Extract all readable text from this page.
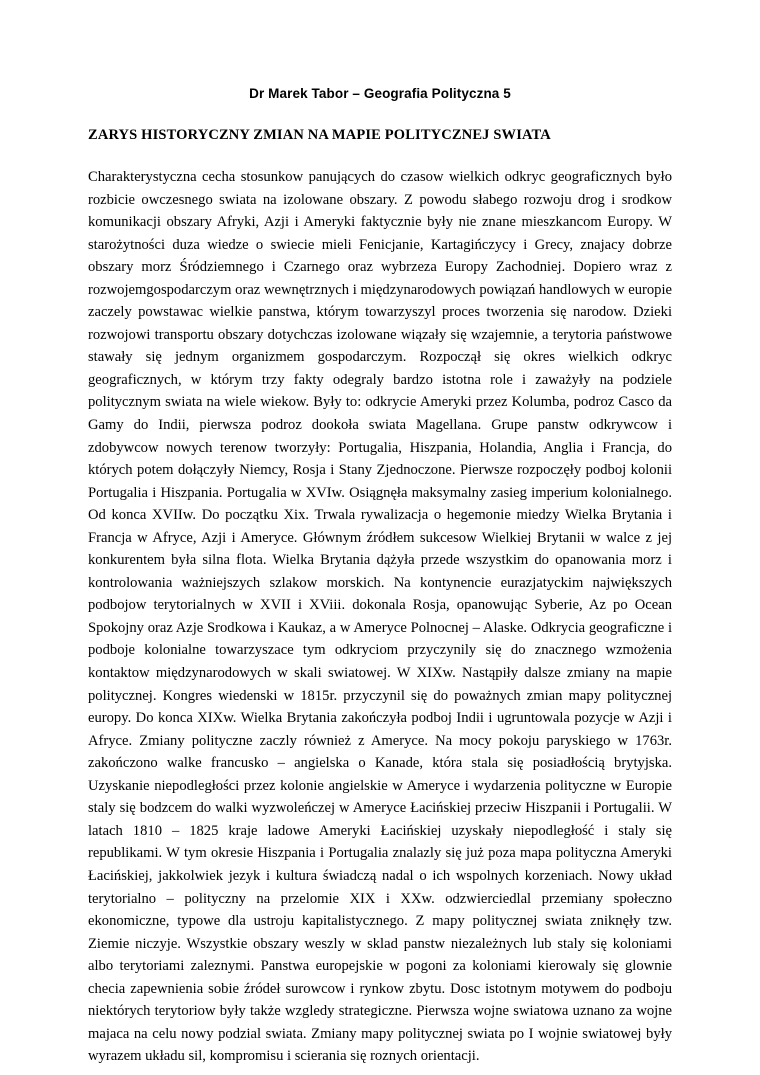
Dr Marek Tabor – Geografia Polityczna 5
ZARYS HISTORYCZNY ZMIAN NA MAPIE POLITYCZNEJ SWIATA

Charakterystyczna cecha stosunkow panujących do czasow wielkich odkryc geograficznych było rozbicie owczesnego swiata na izolowane obszary. Z powodu słabego rozwoju drog i srodkow komunikacji obszary Afryki, Azji i Ameryki faktycznie były nie znane mieszkancom Europy. W starożytności duza wiedze o swiecie mieli Fenicjanie, Kartagińczycy i Grecy, znajacy dobrze obszary morz Śródziemnego i Czarnego oraz wybrzeza Europy Zachodniej. Dopiero wraz z rozwojemgospodarczym oraz wewnętrznych i międzynarodowych powiązań handlowych w europie zaczely powstawac wielkie panstwa, którym towarzyszyl proces tworzenia się narodow. Dzieki rozwojowi transportu obszary dotychczas izolowane wiązały się wzajemnie, a terytoria państwowe stawały się jednym organizmem gospodarczym. Rozpoczął się okres wielkich odkryc geograficznych, w którym trzy fakty odegraly bardzo istotna role i zaważyły na podziele politycznym swiata na wiele wiekow. Były to: odkrycie Ameryki przez Kolumba, podroz Casco da Gamy do Indii, pierwsza podroz dookoła swiata Magellana. Grupe panstw odkrywcow i zdobywcow nowych terenow tworzyły: Portugalia, Hiszpania, Holandia, Anglia i Francja, do których potem dołączyły Niemcy, Rosja i Stany Zjednoczone. Pierwsze rozpoczęły podboj kolonii Portugalia i Hiszpania. Portugalia w XVIw. Osiągnęła maksymalny zasieg imperium kolonialnego. Od konca XVIIw. Do początku Xix. Trwala rywalizacja o hegemonie miedzy Wielka Brytania i Francja w Afryce, Azji i Ameryce. Głównym źródłem sukcesow Wielkiej Brytanii w walce z jej konkurentem była silna flota. Wielka Brytania dążyła przede wszystkim do opanowania morz i kontrolowania ważniejszych szlakow morskich. Na kontynencie eurazjatyckim największych podbojow terytorialnych w XVII i XViii. dokonala Rosja, opanowując Syberie, Az po Ocean Spokojny oraz Azje Srodkowa i Kaukaz, a w Ameryce Polnocnej – Alaske. Odkrycia geograficzne i podboje kolonialne towarzyszace tym odkryciom przyczynily się do znacznego wzmożenia kontaktow międzynarodowych w skali swiatowej. W XIXw. Nastąpiły dalsze zmiany na mapie politycznej. Kongres wiedenski w 1815r. przyczynil się do poważnych zmian mapy politycznej europy. Do konca XIXw. Wielka Brytania zakończyła podboj Indii i ugruntowala pozycje w Azji i Afryce. Zmiany polityczne zaczly również z Ameryce. Na mocy pokoju paryskiego w 1763r. zakończono walke francusko – angielska o Kanade, która stala się posiadłością brytyjska. Uzyskanie niepodległości przez kolonie angielskie w Ameryce i wydarzenia polityczne w Europie staly się bodzcem do walki wyzwoleńczej w Ameryce Łacińskiej przeciw Hiszpanii i Portugalii. W latach 1810 – 1825 kraje ladowe Ameryki Łacińskiej uzyskały niepodległość i staly się republikami. W tym okresie Hiszpania i Portugalia znalazly się już poza mapa polityczna Ameryki Łacińskiej, jakkolwiek jezyk i kultura świadczą nadal o ich wspolnych korzeniach. Nowy układ terytorialno – polityczny na przelomie XIX i XXw. odzwierciedlal przemiany społeczno ekonomiczne, typowe dla ustroju kapitalistycznego. Z mapy politycznej swiata zniknęły tzw. Ziemie niczyje. Wszystkie obszary weszly w sklad panstw niezależnych lub staly się koloniami albo terytoriami zaleznymi. Panstwa europejskie w pogoni za koloniami kierowaly się glownie checia zapewnienia sobie źródeł surowcow i rynkow zbytu. Dosc istotnym motywem do podboju niektórych terytoriow były także wzgledy strategiczne. Pierwsza wojne swiatowa uznano za wojne majaca na celu nowy podzial swiata. Zmiany mapy politycznej swiata po I wojnie swiatowej były wyrazem układu sil, kompromisu i scierania się roznych orientacji.
